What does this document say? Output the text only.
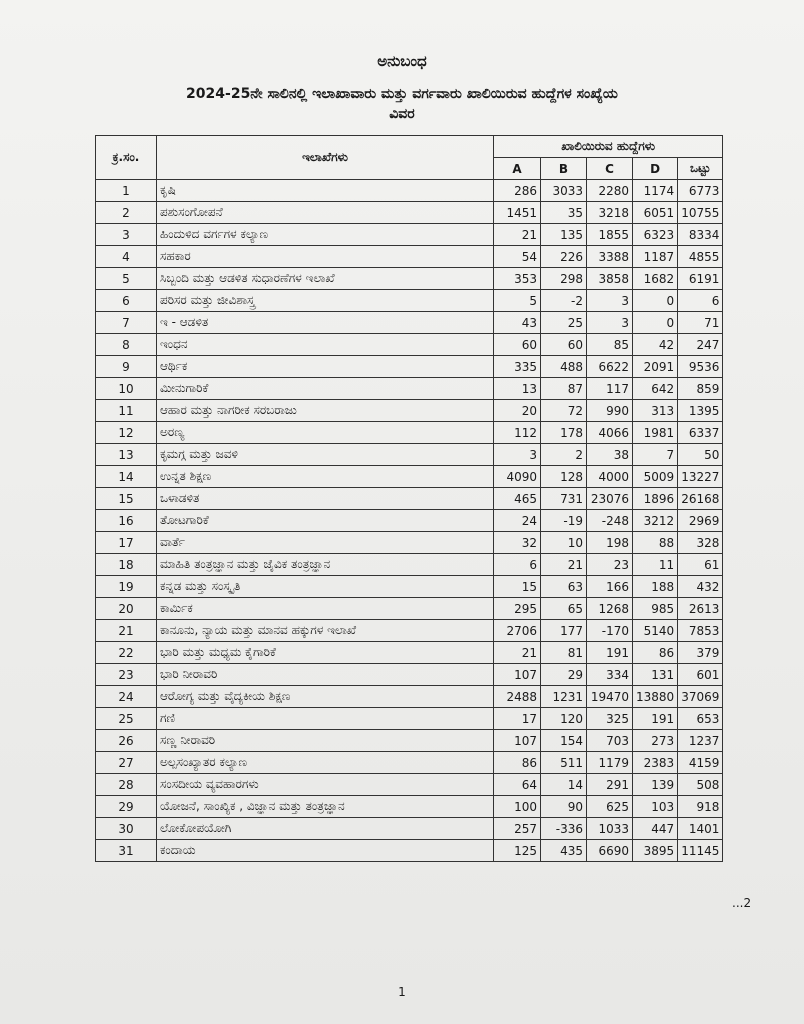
ಅನುಬಂಧ
2024-25ನೇ ಸಾಲಿನಲ್ಲಿ ಇಲಾಖಾವಾರು ಮತ್ತು ವರ್ಗವಾರು ಖಾಲಿಯಿರುವ ಹುದ್ದೆಗಳ ಸಂಖ್ಯೆಯ
ವಿವರ
ಕ್ರ.ಸಂ.	ಇಲಾಖೆಗಳು	ಖಾಲಿಯಿರುವ ಹುದ್ದೆಗಳು				
		A	B	C	D	ಒಟ್ಟು
1	ಕೃಷಿ	286	3033	2280	1174	6773
2	ಪಶುಸಂಗೋಪನೆ	1451	35	3218	6051	10755
3	ಹಿಂದುಳಿದ ವರ್ಗಗಳ ಕಲ್ಯಾಣ	21	135	1855	6323	8334
4	ಸಹಕಾರ	54	226	3388	1187	4855
5	ಸಿಬ್ಬಂದಿ ಮತ್ತು ಆಡಳಿತ ಸುಧಾರಣೆಗಳ ಇಲಾಖೆ	353	298	3858	1682	6191
6	ಪರಿಸರ ಮತ್ತು ಜೀವಿಶಾಸ್ತ್ರ	5	-2	3	0	6
7	ಇ - ಆಡಳಿತ	43	25	3	0	71
8	ಇಂಧನ	60	60	85	42	247
9	ಆರ್ಥಿಕ	335	488	6622	2091	9536
10	ಮೀನುಗಾರಿಕೆ	13	87	117	642	859
11	ಆಹಾರ ಮತ್ತು ನಾಗರೀಕ ಸರಬರಾಜು	20	72	990	313	1395
12	ಅರಣ್ಯ	112	178	4066	1981	6337
13	ಕೃಮಗ್ಗ ಮತ್ತು ಜವಳಿ	3	2	38	7	50
14	ಉನ್ನತ ಶಿಕ್ಷಣ	4090	128	4000	5009	13227
15	ಒಳಾಡಳಿತ	465	731	23076	1896	26168
16	ತೋಟಗಾರಿಕೆ	24	-19	-248	3212	2969
17	ವಾರ್ತೆ	32	10	198	88	328
18	ಮಾಹಿತಿ ತಂತ್ರಜ್ಞಾನ ಮತ್ತು ಜೈವಿಕ ತಂತ್ರಜ್ಞಾನ	6	21	23	11	61
19	ಕನ್ನಡ ಮತ್ತು ಸಂಸ್ಕೃತಿ	15	63	166	188	432
20	ಕಾರ್ಮಿಕ	295	65	1268	985	2613
21	ಕಾನೂನು, ನ್ಯಾಯ ಮತ್ತು ಮಾನವ ಹಕ್ಕುಗಳ ಇಲಾಖೆ	2706	177	-170	5140	7853
22	ಭಾರಿ ಮತ್ತು ಮಧ್ಯಮ ಕೈಗಾರಿಕೆ	21	81	191	86	379
23	ಭಾರಿ ನೀರಾವರಿ	107	29	334	131	601
24	ಆರೋಗ್ಯ ಮತ್ತು ವೈದ್ಯಕೀಯ ಶಿಕ್ಷಣ	2488	1231	19470	13880	37069
25	ಗಣಿ	17	120	325	191	653
26	ಸಣ್ಣ ನೀರಾವರಿ	107	154	703	273	1237
27	ಅಲ್ಪಸಂಖ್ಯಾತರ ಕಲ್ಯಾಣ	86	511	1179	2383	4159
28	ಸಂಸದೀಯ ವ್ಯವಹಾರಗಳು	64	14	291	139	508
29	ಯೋಜನೆ, ಸಾಂಖ್ಯಿಕ , ವಿಜ್ಞಾನ ಮತ್ತು ತಂತ್ರಜ್ಞಾನ	100	90	625	103	918
30	ಲೋಕೋಪಯೋಗಿ	257	-336	1033	447	1401
31	ಕಂದಾಯ	125	435	6690	3895	11145
...2
1
